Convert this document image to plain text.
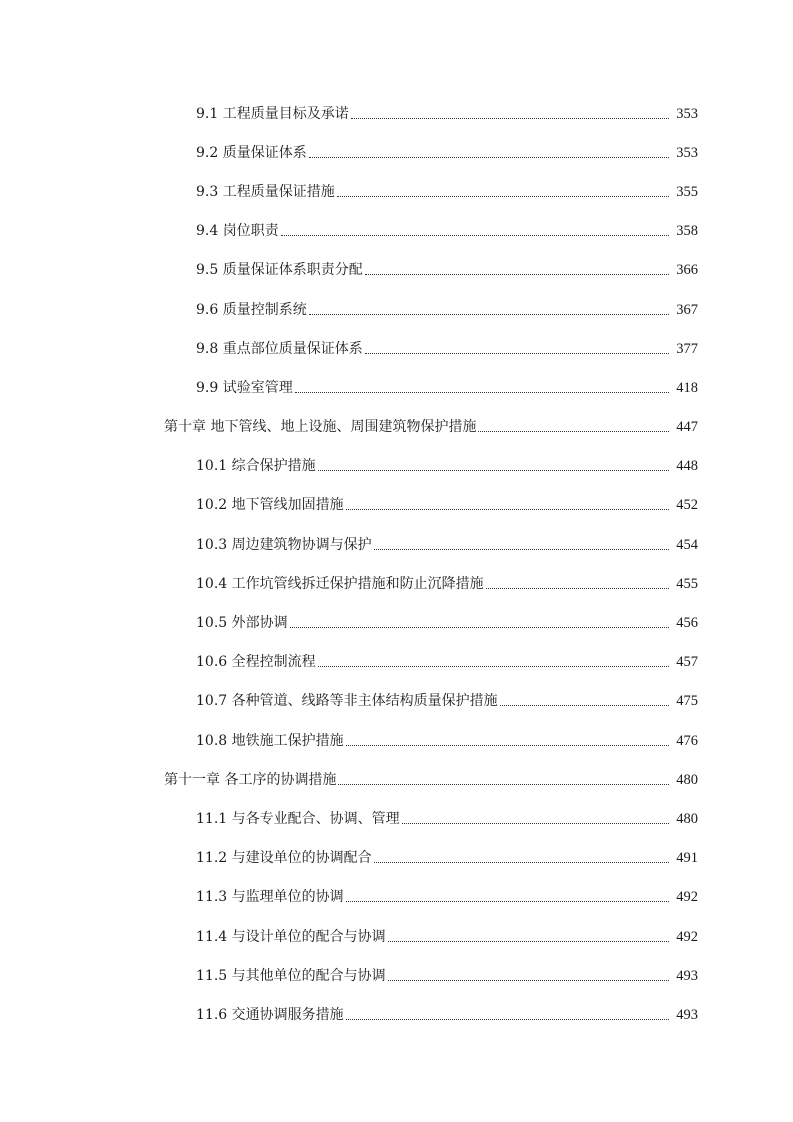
9.1 工程质量目标及承诺	353
9.2 质量保证体系	353
9.3 工程质量保证措施	355
9.4 岗位职责	358
9.5 质量保证体系职责分配	366
9.6 质量控制系统	367
9.8 重点部位质量保证体系	377
9.9 试验室管理	418
第十章 地下管线、地上设施、周围建筑物保护措施	447
10.1 综合保护措施	448
10.2 地下管线加固措施	452
10.3 周边建筑物协调与保护	454
10.4 工作坑管线拆迁保护措施和防止沉降措施	455
10.5 外部协调	456
10.6 全程控制流程	457
10.7 各种管道、线路等非主体结构质量保护措施	475
10.8 地铁施工保护措施	476
第十一章 各工序的协调措施	480
11.1 与各专业配合、协调、管理	480
11.2 与建设单位的协调配合	491
11.3 与监理单位的协调	492
11.4 与设计单位的配合与协调	492
11.5 与其他单位的配合与协调	493
11.6 交通协调服务措施	493
